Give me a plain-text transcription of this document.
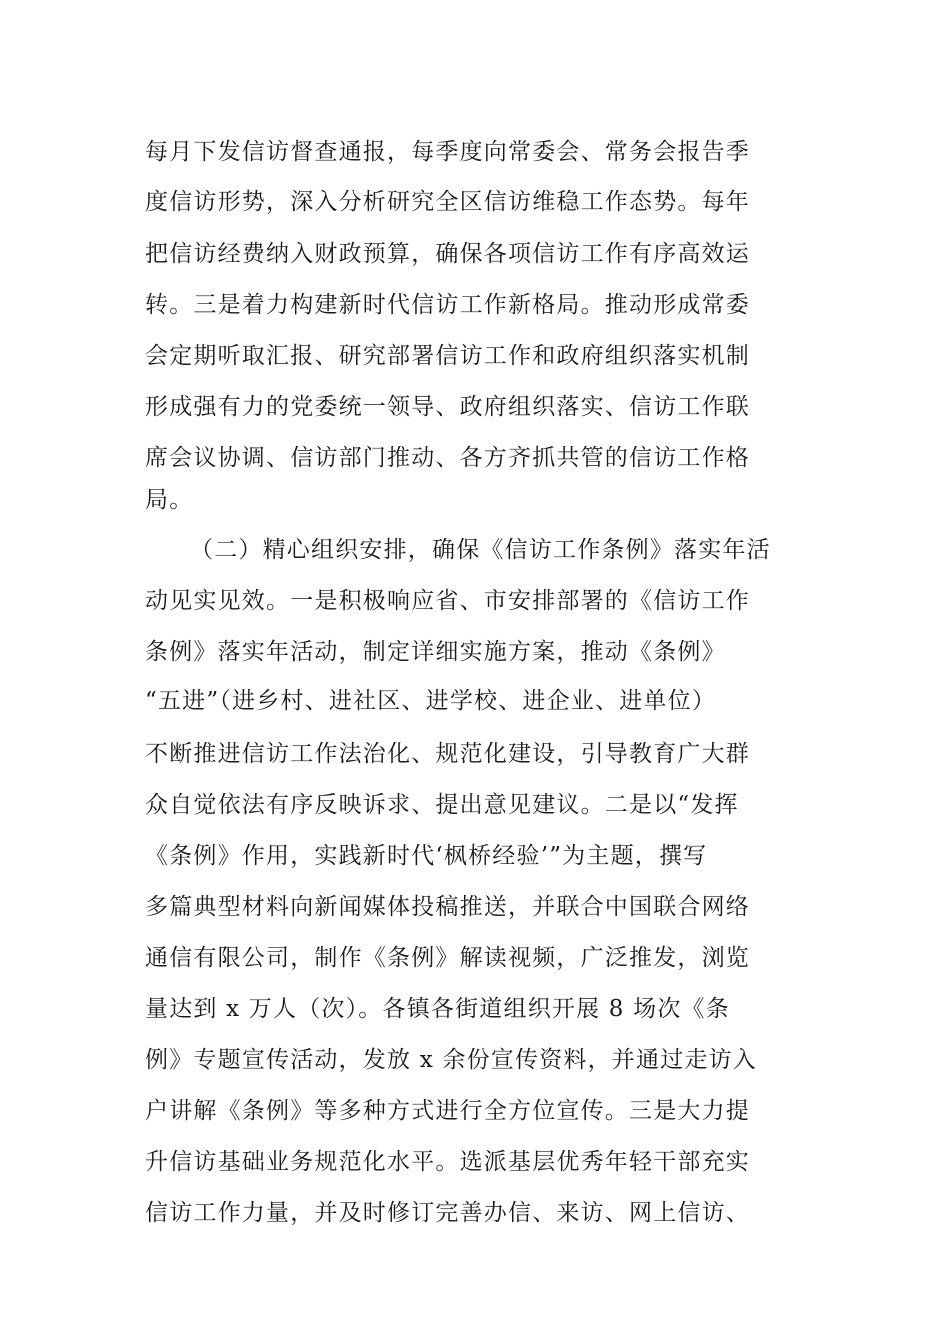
每月下发信访督查通报，每季度向常委会、常务会报告季
度信访形势，深入分析研究全区信访维稳工作态势。每年
把信访经费纳入财政预算，确保各项信访工作有序高效运
转。三是着力构建新时代信访工作新格局。推动形成常委
会定期听取汇报、研究部署信访工作和政府组织落实机制
形成强有力的党委统一领导、政府组织落实、信访工作联
席会议协调、信访部门推动、各方齐抓共管的信访工作格
局。
（二）精心组织安排，确保《信访工作条例》落实年活
动见实见效。一是积极响应省、市安排部署的《信访工作
条例》落实年活动，制定详细实施方案，推动《条例》
“五进”（进乡村、进社区、进学校、进企业、进单位）
不断推进信访工作法治化、规范化建设，引导教育广大群
众自觉依法有序反映诉求、提出意见建议。二是以“发挥
《条例》作用，实践新时代‘枫桥经验’”为主题，撰写
多篇典型材料向新闻媒体投稿推送，并联合中国联合网络
通信有限公司，制作《条例》解读视频，广泛推发，浏览
量达到 x 万人（次）。各镇各街道组织开展 8 场次《条
例》专题宣传活动，发放 x 余份宣传资料，并通过走访入
户讲解《条例》等多种方式进行全方位宣传。三是大力提
升信访基础业务规范化水平。选派基层优秀年轻干部充实
信访工作力量，并及时修订完善办信、来访、网上信访、
